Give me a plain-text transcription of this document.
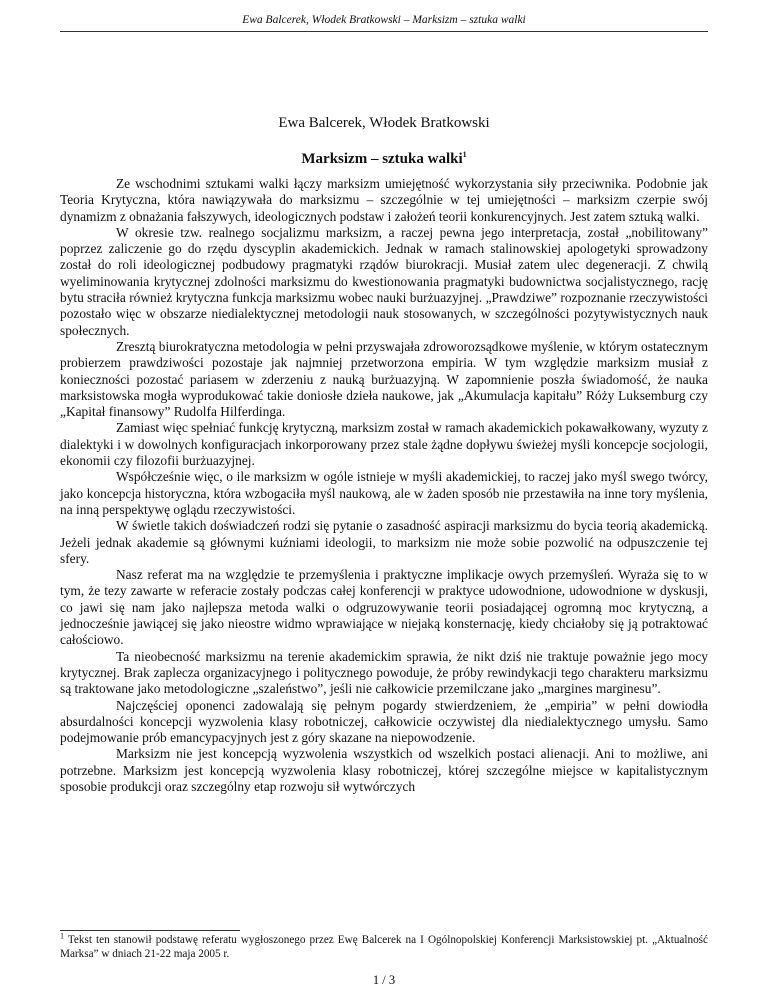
Ewa Balcerek, Włodek Bratkowski – Marksizm – sztuka walki
Ewa Balcerek, Włodek Bratkowski
Marksizm – sztuka walki$^1$

Ze wschodnimi sztukami walki łączy marksizm umiejętność wykorzystania siły przeciwnika. Podobnie jak Teoria Krytyczna, która nawiązywała do marksizmu – szczególnie w tej umiejętności – marksizm czerpie swój dynamizm z obnażania fałszywych, ideologicznych podstaw i założeń teorii konkurencyjnych. Jest zatem sztuką walki.

W okresie tzw. realnego socjalizmu marksizm, a raczej pewna jego interpretacja, został „nobilitowany” poprzez zaliczenie go do rzędu dyscyplin akademickich. Jednak w ramach stalinowskiej apologetyki sprowadzony został do roli ideologicznej podbudowy pragmatyki rządów biurokracji. Musiał zatem ulec degeneracji. Z chwilą wyeliminowania krytycznej zdolności marksizmu do kwestionowania pragmatyki budownictwa socjalistycznego, rację bytu straciła również krytyczna funkcja marksizmu wobec nauki burżuazyjnej. „Prawdziwe” rozpoznanie rzeczywistości pozostało więc w obszarze niedialektycznej metodologii nauk stosowanych, w szczególności pozytywistycznych nauk społecznych.

Zresztą biurokratyczna metodologia w pełni przyswajała zdroworozsądkowe myślenie, w którym ostatecznym probierzem prawdziwości pozostaje jak najmniej przetworzona empiria. W tym względzie marksizm musiał z konieczności pozostać pariasem w zderzeniu z nauką burżuazyjną. W zapomnienie poszła świadomość, że nauka marksistowska mogła wyprodukować takie doniosłe dzieła naukowe, jak „Akumulacja kapitału” Róży Luksemburg czy „Kapitał finansowy” Rudolfa Hilferdinga.

Zamiast więc spełniać funkcję krytyczną, marksizm został w ramach akademickich pokawałkowany, wyzuty z dialektyki i w dowolnych konfiguracjach inkorporowany przez stale żądne dopływu świeżej myśli koncepcje socjologii, ekonomii czy filozofii burżuazyjnej.

Współcześnie więc, o ile marksizm w ogóle istnieje w myśli akademickiej, to raczej jako myśl swego twórcy, jako koncepcja historyczna, która wzbogaciła myśl naukową, ale w żaden sposób nie przestawiła na inne tory myślenia, na inną perspektywę oglądu rzeczywistości.

W świetle takich doświadczeń rodzi się pytanie o zasadność aspiracji marksizmu do bycia teorią akademicką. Jeżeli jednak akademie są głównymi kuźniami ideologii, to marksizm nie może sobie pozwolić na odpuszczenie tej sfery.

Nasz referat ma na względzie te przemyślenia i praktyczne implikacje owych przemyśleń. Wyraża się to w tym, że tezy zawarte w referacie zostały podczas całej konferencji w praktyce udowodnione, udowodnione w dyskusji, co jawi się nam jako najlepsza metoda walki o odgruzowywanie teorii posiadającej ogromną moc krytyczną, a jednocześnie jawiącej się jako nieostre widmo wprawiające w niejaką konsternację, kiedy chciałoby się ją potraktować całościowo.

Ta nieobecność marksizmu na terenie akademickim sprawia, że nikt dziś nie traktuje poważnie jego mocy krytycznej. Brak zaplecza organizacyjnego i politycznego powoduje, że próby rewindykacji tego charakteru marksizmu są traktowane jako metodologiczne „szaleństwo”, jeśli nie całkowicie przemilczane jako „margines marginesu”.

Najczęściej oponenci zadowalają się pełnym pogardy stwierdzeniem, że „empiria” w pełni dowiodła absurdalności koncepcji wyzwolenia klasy robotniczej, całkowicie oczywistej dla niedialektycznego umysłu. Samo podejmowanie prób emancypacyjnych jest z góry skazane na niepowodzenie.

Marksizm nie jest koncepcją wyzwolenia wszystkich od wszelkich postaci alienacji. Ani to możliwe, ani potrzebne. Marksizm jest koncepcją wyzwolenia klasy robotniczej, której szczególne miejsce w kapitalistycznym sposobie produkcji oraz szczególny etap rozwoju sił wytwórczych

$^1$ Tekst ten stanowił podstawę referatu wygłoszonego przez Ewę Balcerek na I Ogólnopolskiej Konferencji Marksistowskiej pt. „Aktualność Marksa” w dniach 21-22 maja 2005 r.
1 / 3
